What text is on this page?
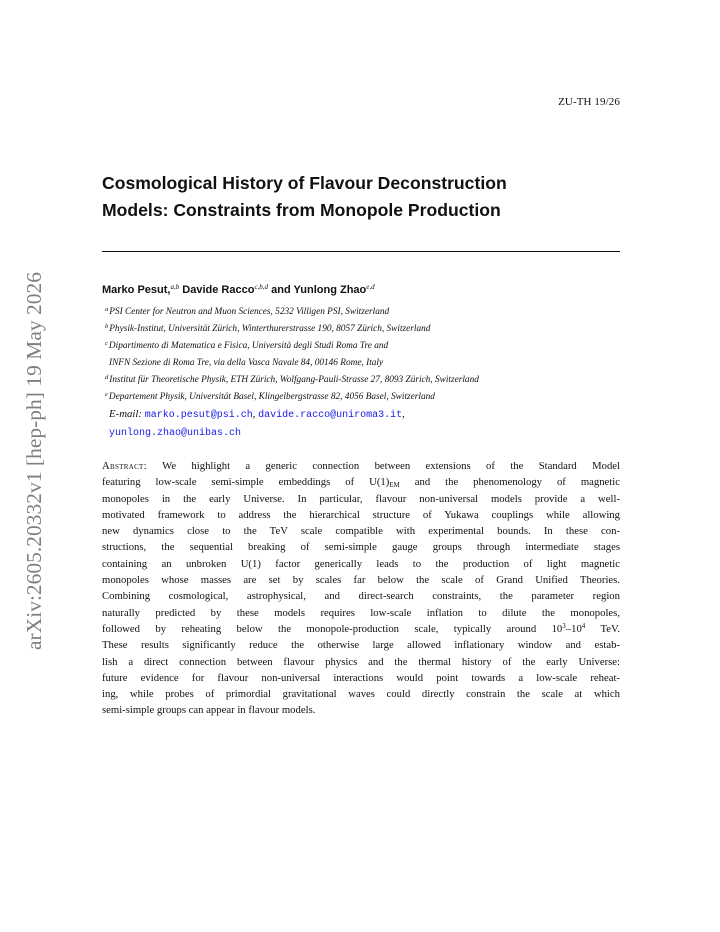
arXiv:2605.20332v1 [hep-ph] 19 May 2026
ZU-TH 19/26
Cosmological History of Flavour Deconstruction
Models: Constraints from Monopole Production
Marko Pesut,$^{a,b}$ Davide Racco$^{c,b,d}$ and Yunlong Zhao$^{e,d}$
$^a$PSI Center for Neutron and Muon Sciences, 5232 Villigen PSI, Switzerland
$^b$Physik-Institut, Universität Zürich, Winterthurerstrasse 190, 8057 Zürich, Switzerland
$^c$Dipartimento di Matematica e Fisica, Università degli Studi Roma Tre and
INFN Sezione di Roma Tre, via della Vasca Navale 84, 00146 Rome, Italy
$^d$Institut für Theoretische Physik, ETH Zürich, Wolfgang-Pauli-Strasse 27, 8093 Zürich, Switzerland
$^e$Departement Physik, Universität Basel, Klingelbergstrasse 82, 4056 Basel, Switzerland
E-mail: marko.pesut@psi.ch, davide.racco@uniroma3.it,
yunlong.zhao@unibas.ch
Abstract: We highlight a generic connection between extensions of the Standard Model
featuring low-scale semi-simple embeddings of $U(1)_{EM}$ and the phenomenology of magnetic
monopoles in the early Universe. In particular, flavour non-universal models provide a well-
motivated framework to address the hierarchical structure of Yukawa couplings while allowing
new dynamics close to the TeV scale compatible with experimental bounds. In these con-
structions, the sequential breaking of semi-simple gauge groups through intermediate stages
containing an unbroken U(1) factor generically leads to the production of light magnetic
monopoles whose masses are set by scales far below the scale of Grand Unified Theories.
Combining cosmological, astrophysical, and direct-search constraints, the parameter region
naturally predicted by these models requires low-scale inflation to dilute the monopoles,
followed by reheating below the monopole-production scale, typically around $10^3-10^4$ TeV.
These results significantly reduce the otherwise large allowed inflationary window and estab-
lish a direct connection between flavour physics and the thermal history of the early Universe:
future evidence for flavour non-universal interactions would point towards a low-scale reheat-
ing, while probes of primordial gravitational waves could directly constrain the scale at which
semi-simple groups can appear in flavour models.
